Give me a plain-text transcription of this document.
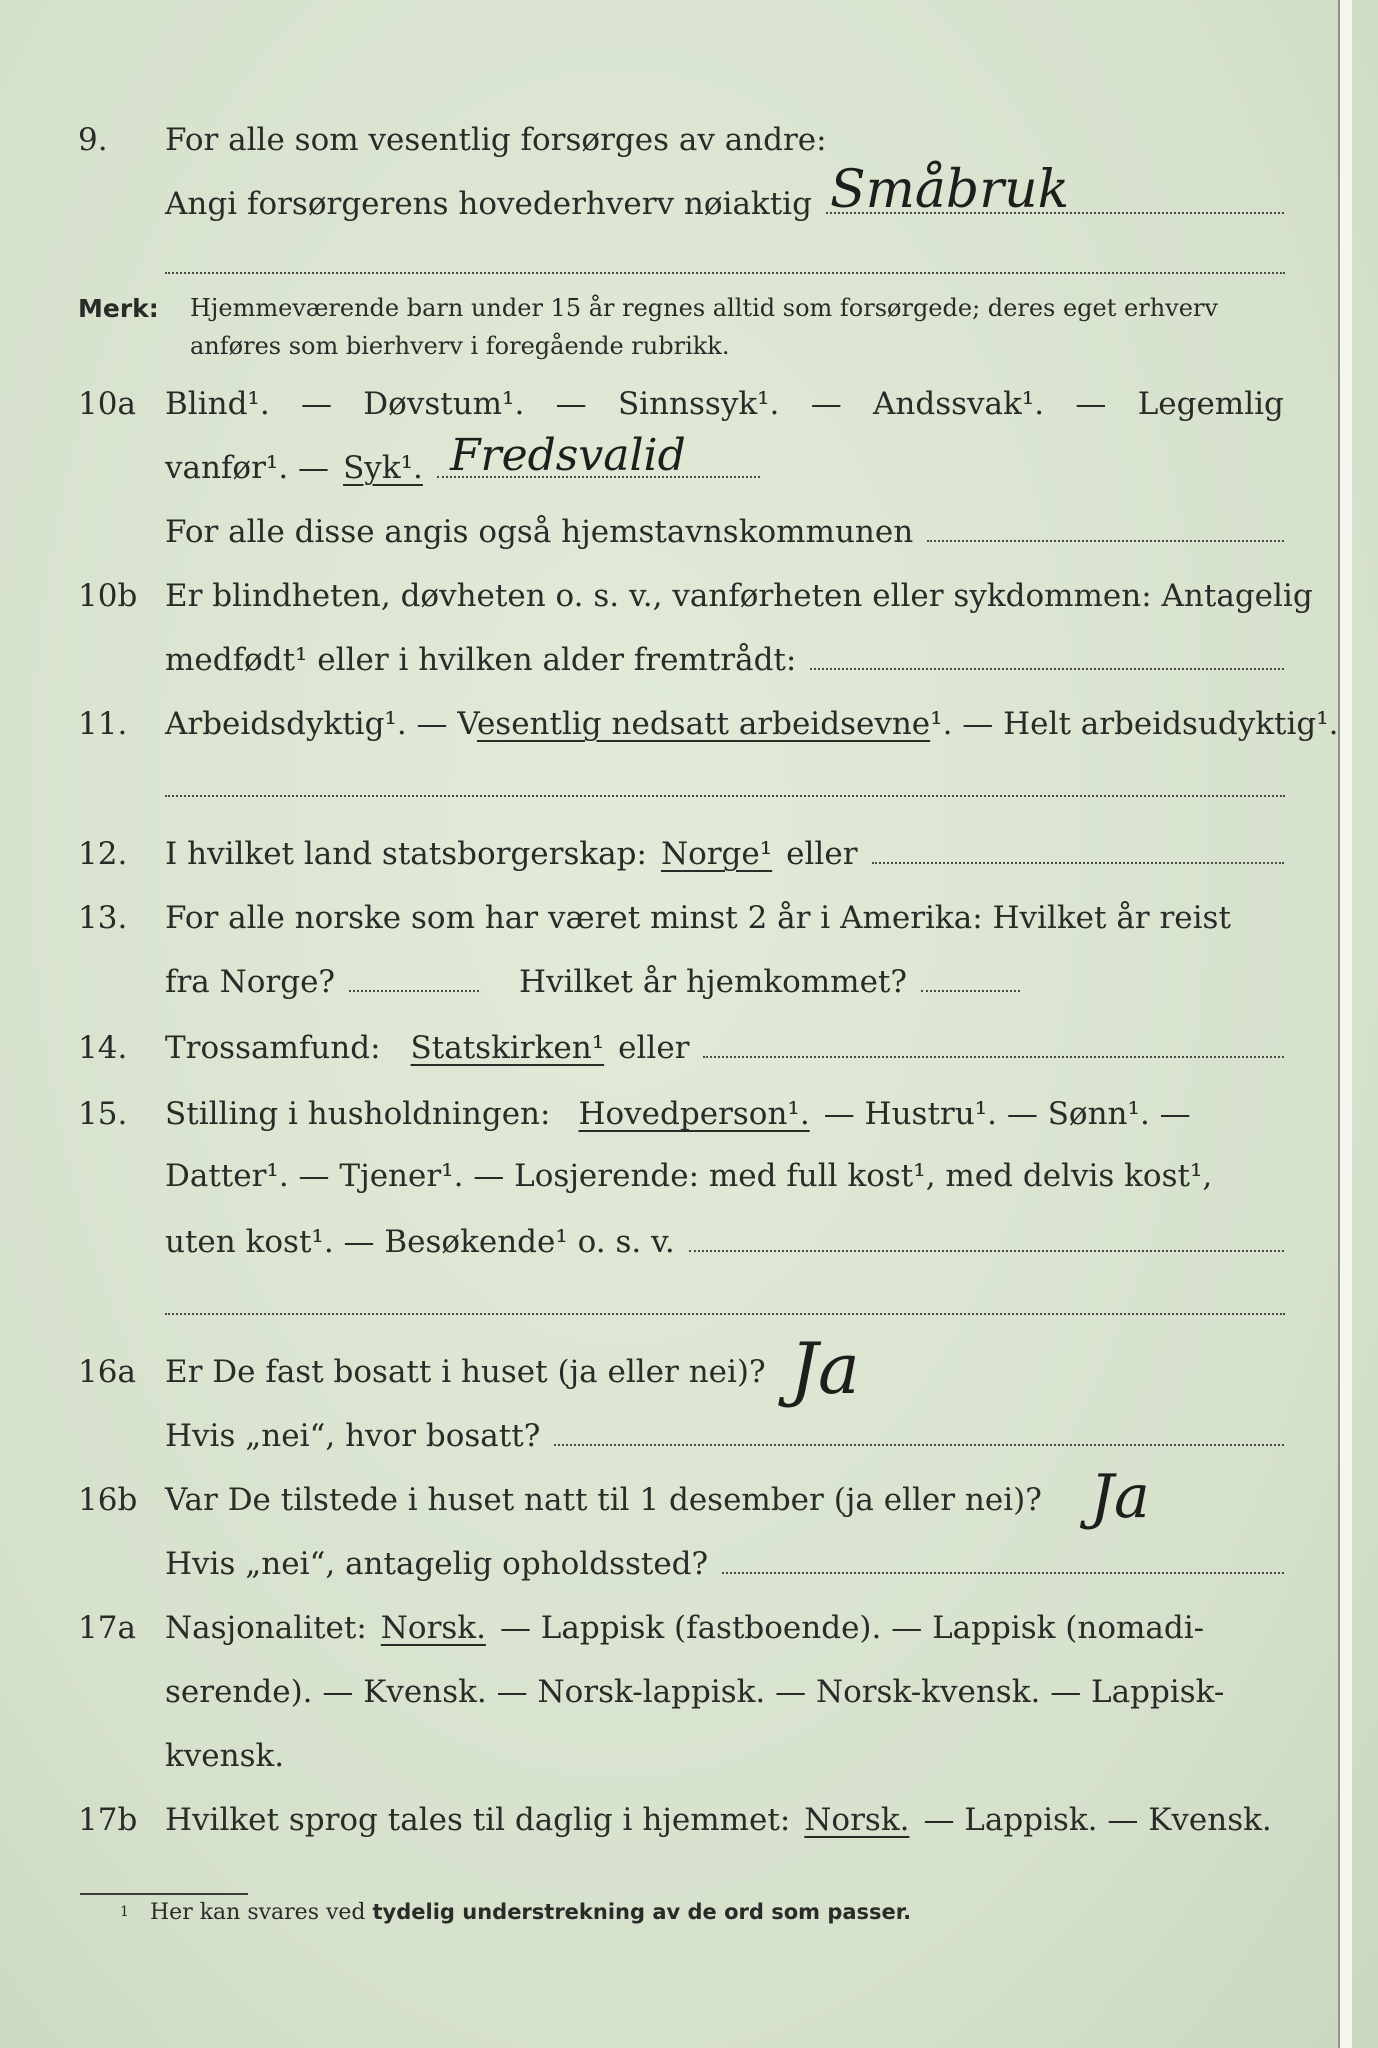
9. For alle som vesentlig forsørges av andre:
Angi forsørgerens hovederhverv nøiaktig Småbruk
Merk: Hjemmeværende barn under 15 år regnes alltid som forsørgede; deres eget erhverv
anføres som bierhverv i foregående rubrikk.
10a Blind¹. — Døvstum¹. — Sinnssyk¹. — Andssvak¹. — Legemlig
vanfør¹. — Syk¹. Fredsvalid
For alle disse angis også hjemstavnskommunen
10b Er blindheten, døvheten o. s. v., vanførheten eller sykdommen: Antagelig
medfødt¹ eller i hvilken alder fremtrådt:
11. Arbeidsdyktig¹. — Vesentlig nedsatt arbeidsevne¹. — Helt arbeidsudyktig¹.
12. I hvilket land statsborgerskap: Norge¹ eller
13. For alle norske som har været minst 2 år i Amerika: Hvilket år reist
fra Norge?	Hvilket år hjemkommet?
14. Trossamfund: Statskirken¹ eller
15. Stilling i husholdningen: Hovedperson¹. — Hustru¹. — Sønn¹. —
Datter¹. — Tjener¹. — Losjerende: med full kost¹, med delvis kost¹,
uten kost¹. — Besøkende¹ o. s. v.
16a Er De fast bosatt i huset (ja eller nei)? Ja
Hvis „nei“, hvor bosatt?
16b Var De tilstede i huset natt til 1 desember (ja eller nei)? Ja
Hvis „nei“, antagelig opholdssted?
17a Nasjonalitet: Norsk. — Lappisk (fastboende). — Lappisk (nomadi-
serende). — Kvensk. — Norsk-lappisk. — Norsk-kvensk. — Lappisk-
kvensk.
17b Hvilket sprog tales til daglig i hjemmet: Norsk. — Lappisk. — Kvensk.
1 Her kan svares ved tydelig understrekning av de ord som passer.
